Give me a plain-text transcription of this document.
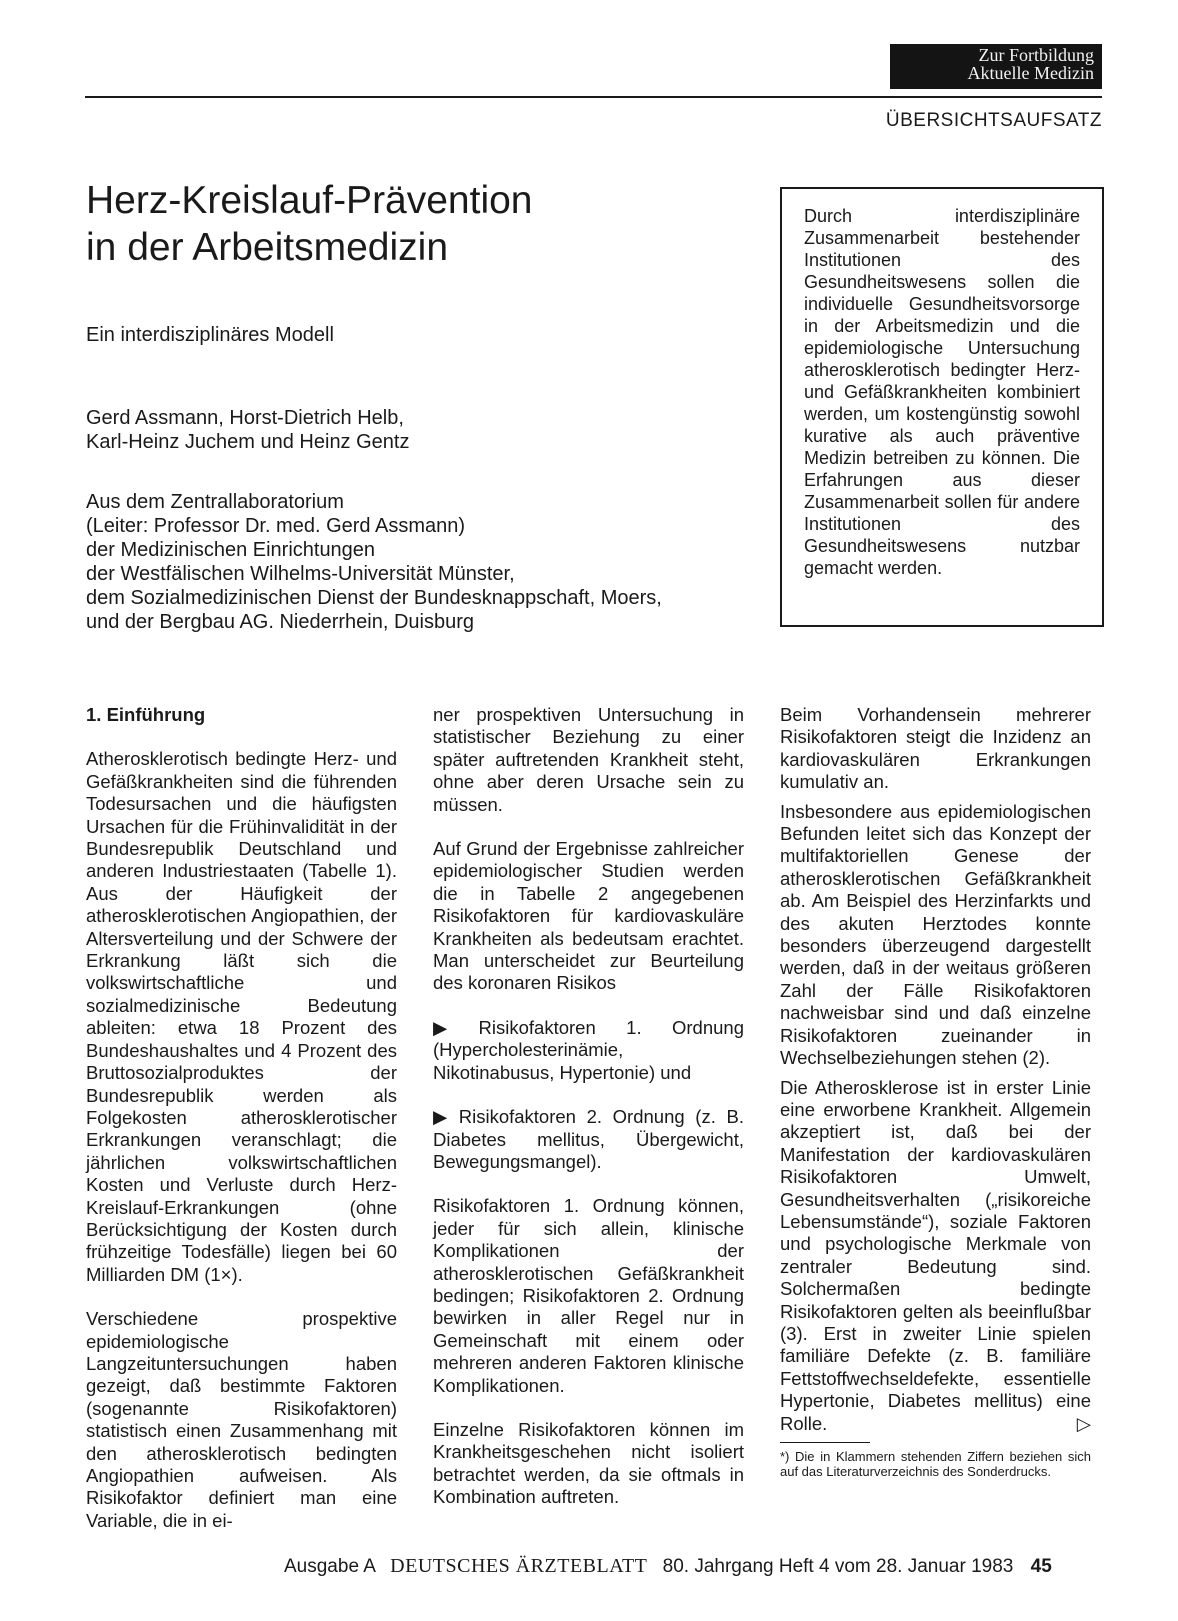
Zur Fortbildung
Aktuelle Medizin
ÜBERSICHTSAUFSATZ
Herz-Kreislauf-Prävention
in der Arbeitsmedizin
Ein interdisziplinäres Modell
Gerd Assmann, Horst-Dietrich Helb,
Karl-Heinz Juchem und Heinz Gentz
Aus dem Zentrallaboratorium
(Leiter: Professor Dr. med. Gerd Assmann)
der Medizinischen Einrichtungen
der Westfälischen Wilhelms-Universität Münster,
dem Sozialmedizinischen Dienst der Bundesknappschaft, Moers,
und der Bergbau AG. Niederrhein, Duisburg
Durch interdisziplinäre Zusammenarbeit bestehender Institutionen des Gesundheitswesens sollen die individuelle Gesundheitsvorsorge in der Arbeitsmedizin und die epidemiologische Untersuchung atherosklerotisch bedingter Herz- und Gefäßkrankheiten kombiniert werden, um kostengünstig sowohl kurative als auch präventive Medizin betreiben zu können. Die Erfahrungen aus dieser Zusammenarbeit sollen für andere Institutionen des Gesundheitswesens nutzbar gemacht werden.
1. Einführung

Atherosklerotisch bedingte Herz- und Gefäßkrankheiten sind die führenden Todesursachen und die häufigsten Ursachen für die Frühinvalidität in der Bundesrepublik Deutschland und anderen Industriestaaten (Tabelle 1). Aus der Häufigkeit der atherosklerotischen Angiopathien, der Altersverteilung und der Schwere der Erkrankung läßt sich die volkswirtschaftliche und sozialmedizinische Bedeutung ableiten: etwa 18 Prozent des Bundeshaushaltes und 4 Prozent des Bruttosozialproduktes der Bundesrepublik werden als Folgekosten atherosklerotischer Erkrankungen veranschlagt; die jährlichen volkswirtschaftlichen Kosten und Verluste durch Herz-Kreislauf-Erkrankungen (ohne Berücksichtigung der Kosten durch frühzeitige Todesfälle) liegen bei 60 Milliarden DM (1×).

Verschiedene prospektive epidemiologische Langzeituntersuchungen haben gezeigt, daß bestimmte Faktoren (sogenannte Risikofaktoren) statistisch einen Zusammenhang mit den atherosklerotisch bedingten Angiopathien aufweisen. Als Risikofaktor definiert man eine Variable, die in ei-

ner prospektiven Untersuchung in statistischer Beziehung zu einer später auftretenden Krankheit steht, ohne aber deren Ursache sein zu müssen.

Auf Grund der Ergebnisse zahlreicher epidemiologischer Studien werden die in Tabelle 2 angegebenen Risikofaktoren für kardiovaskuläre Krankheiten als bedeutsam erachtet. Man unterscheidet zur Beurteilung des koronaren Risikos

▶ Risikofaktoren 1. Ordnung (Hypercholesterinämie, Nikotinabusus, Hypertonie) und

▶ Risikofaktoren 2. Ordnung (z. B. Diabetes mellitus, Übergewicht, Bewegungsmangel).

Risikofaktoren 1. Ordnung können, jeder für sich allein, klinische Komplikationen der atherosklerotischen Gefäßkrankheit bedingen; Risikofaktoren 2. Ordnung bewirken in aller Regel nur in Gemeinschaft mit einem oder mehreren anderen Faktoren klinische Komplikationen.

Einzelne Risikofaktoren können im Krankheitsgeschehen nicht isoliert betrachtet werden, da sie oftmals in Kombination auftreten.

Beim Vorhandensein mehrerer Risikofaktoren steigt die Inzidenz an kardiovaskulären Erkrankungen kumulativ an.

Insbesondere aus epidemiologischen Befunden leitet sich das Konzept der multifaktoriellen Genese der atherosklerotischen Gefäßkrankheit ab. Am Beispiel des Herzinfarkts und des akuten Herztodes konnte besonders überzeugend dargestellt werden, daß in der weitaus größeren Zahl der Fälle Risikofaktoren nachweisbar sind und daß einzelne Risikofaktoren zueinander in Wechselbeziehungen stehen (2).

Die Atherosklerose ist in erster Linie eine erworbene Krankheit. Allgemein akzeptiert ist, daß bei der Manifestation der kardiovaskulären Risikofaktoren Umwelt, Gesundheitsverhalten („risikoreiche Lebensumstände“), soziale Faktoren und psychologische Merkmale von zentraler Bedeutung sind. Solchermaßen bedingte Risikofaktoren gelten als beeinflußbar (3). Erst in zweiter Linie spielen familiäre Defekte (z. B. familiäre Fettstoffwechseldefekte, essentielle Hypertonie, Diabetes mellitus) eine Rolle.	▷

*) Die in Klammern stehenden Ziffern beziehen sich auf das Literaturverzeichnis des Sonderdrucks.
Ausgabe A DEUTSCHES ÄRZTEBLATT 80. Jahrgang Heft 4 vom 28. Januar 1983 45
